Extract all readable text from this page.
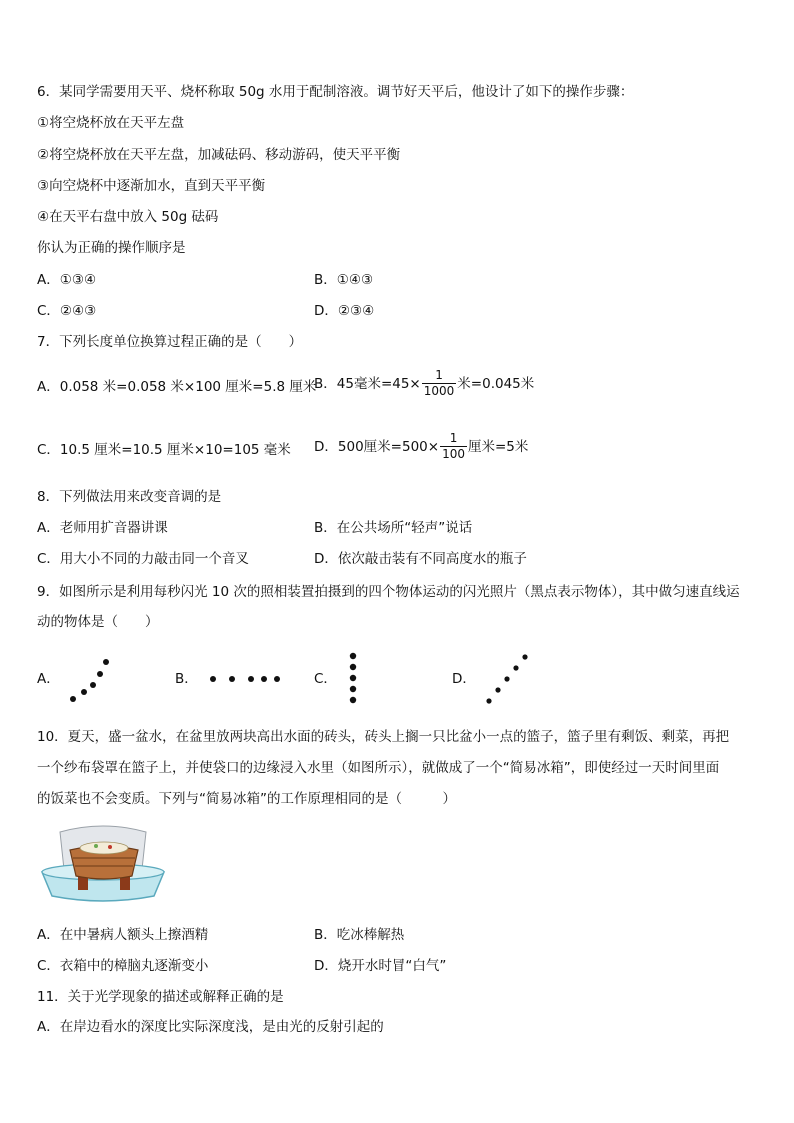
6．某同学需要用天平、烧杯称取 50g 水用于配制溶液。调节好天平后，他设计了如下的操作步骤：
①将空烧杯放在天平左盘
②将空烧杯放在天平左盘，加减砝码、移动游码，使天平平衡
③向空烧杯中逐渐加水，直到天平平衡
④在天平右盘中放入 50g 砝码
你认为正确的操作顺序是
A．①③④	B．①④③
C．②④③	D．②③④
7．下列长度单位换算过程正确的是（　　）
A．0.058 米=0.058 米×100 厘米=5.8 厘米
B．45毫米$=45\times \frac{1}{1000}$ 米=0.045米
C．10.5 厘米=10.5 厘米×10=105 毫米 D．500厘米$=500\times \frac{1}{100}$ 厘米=5米
8．下列做法用来改变音调的是
A．老师用扩音器讲课	B．在公共场所“轻声”说话
C．用大小不同的力敲击同一个音叉	D．依次敲击装有不同高度水的瓶子
9．如图所示是利用每秒闪光 10 次的照相装置拍摄到的四个物体运动的闪光照片（黑点表示物体），其中做匀速直线运
动的物体是（　　）
A．	B．	C．	D．
10．夏天，盛一盆水，在盆里放两块高出水面的砖头，砖头上搁一只比盆小一点的篮子，篮子里有剩饭、剩菜，再把
一个纱布袋罩在篮子上，并使袋口的边缘浸入水里（如图所示），就做成了一个“简易冰箱”，即使经过一天时间里面
的饭菜也不会变质。下列与“简易冰箱”的工作原理相同的是（　　　）
A．在中暑病人额头上擦酒精	B．吃冰棒解热
C．衣箱中的樟脑丸逐渐变小	D．烧开水时冒“白气”
11．关于光学现象的描述或解释正确的是
A．在岸边看水的深度比实际深度浅，是由光的反射引起的
